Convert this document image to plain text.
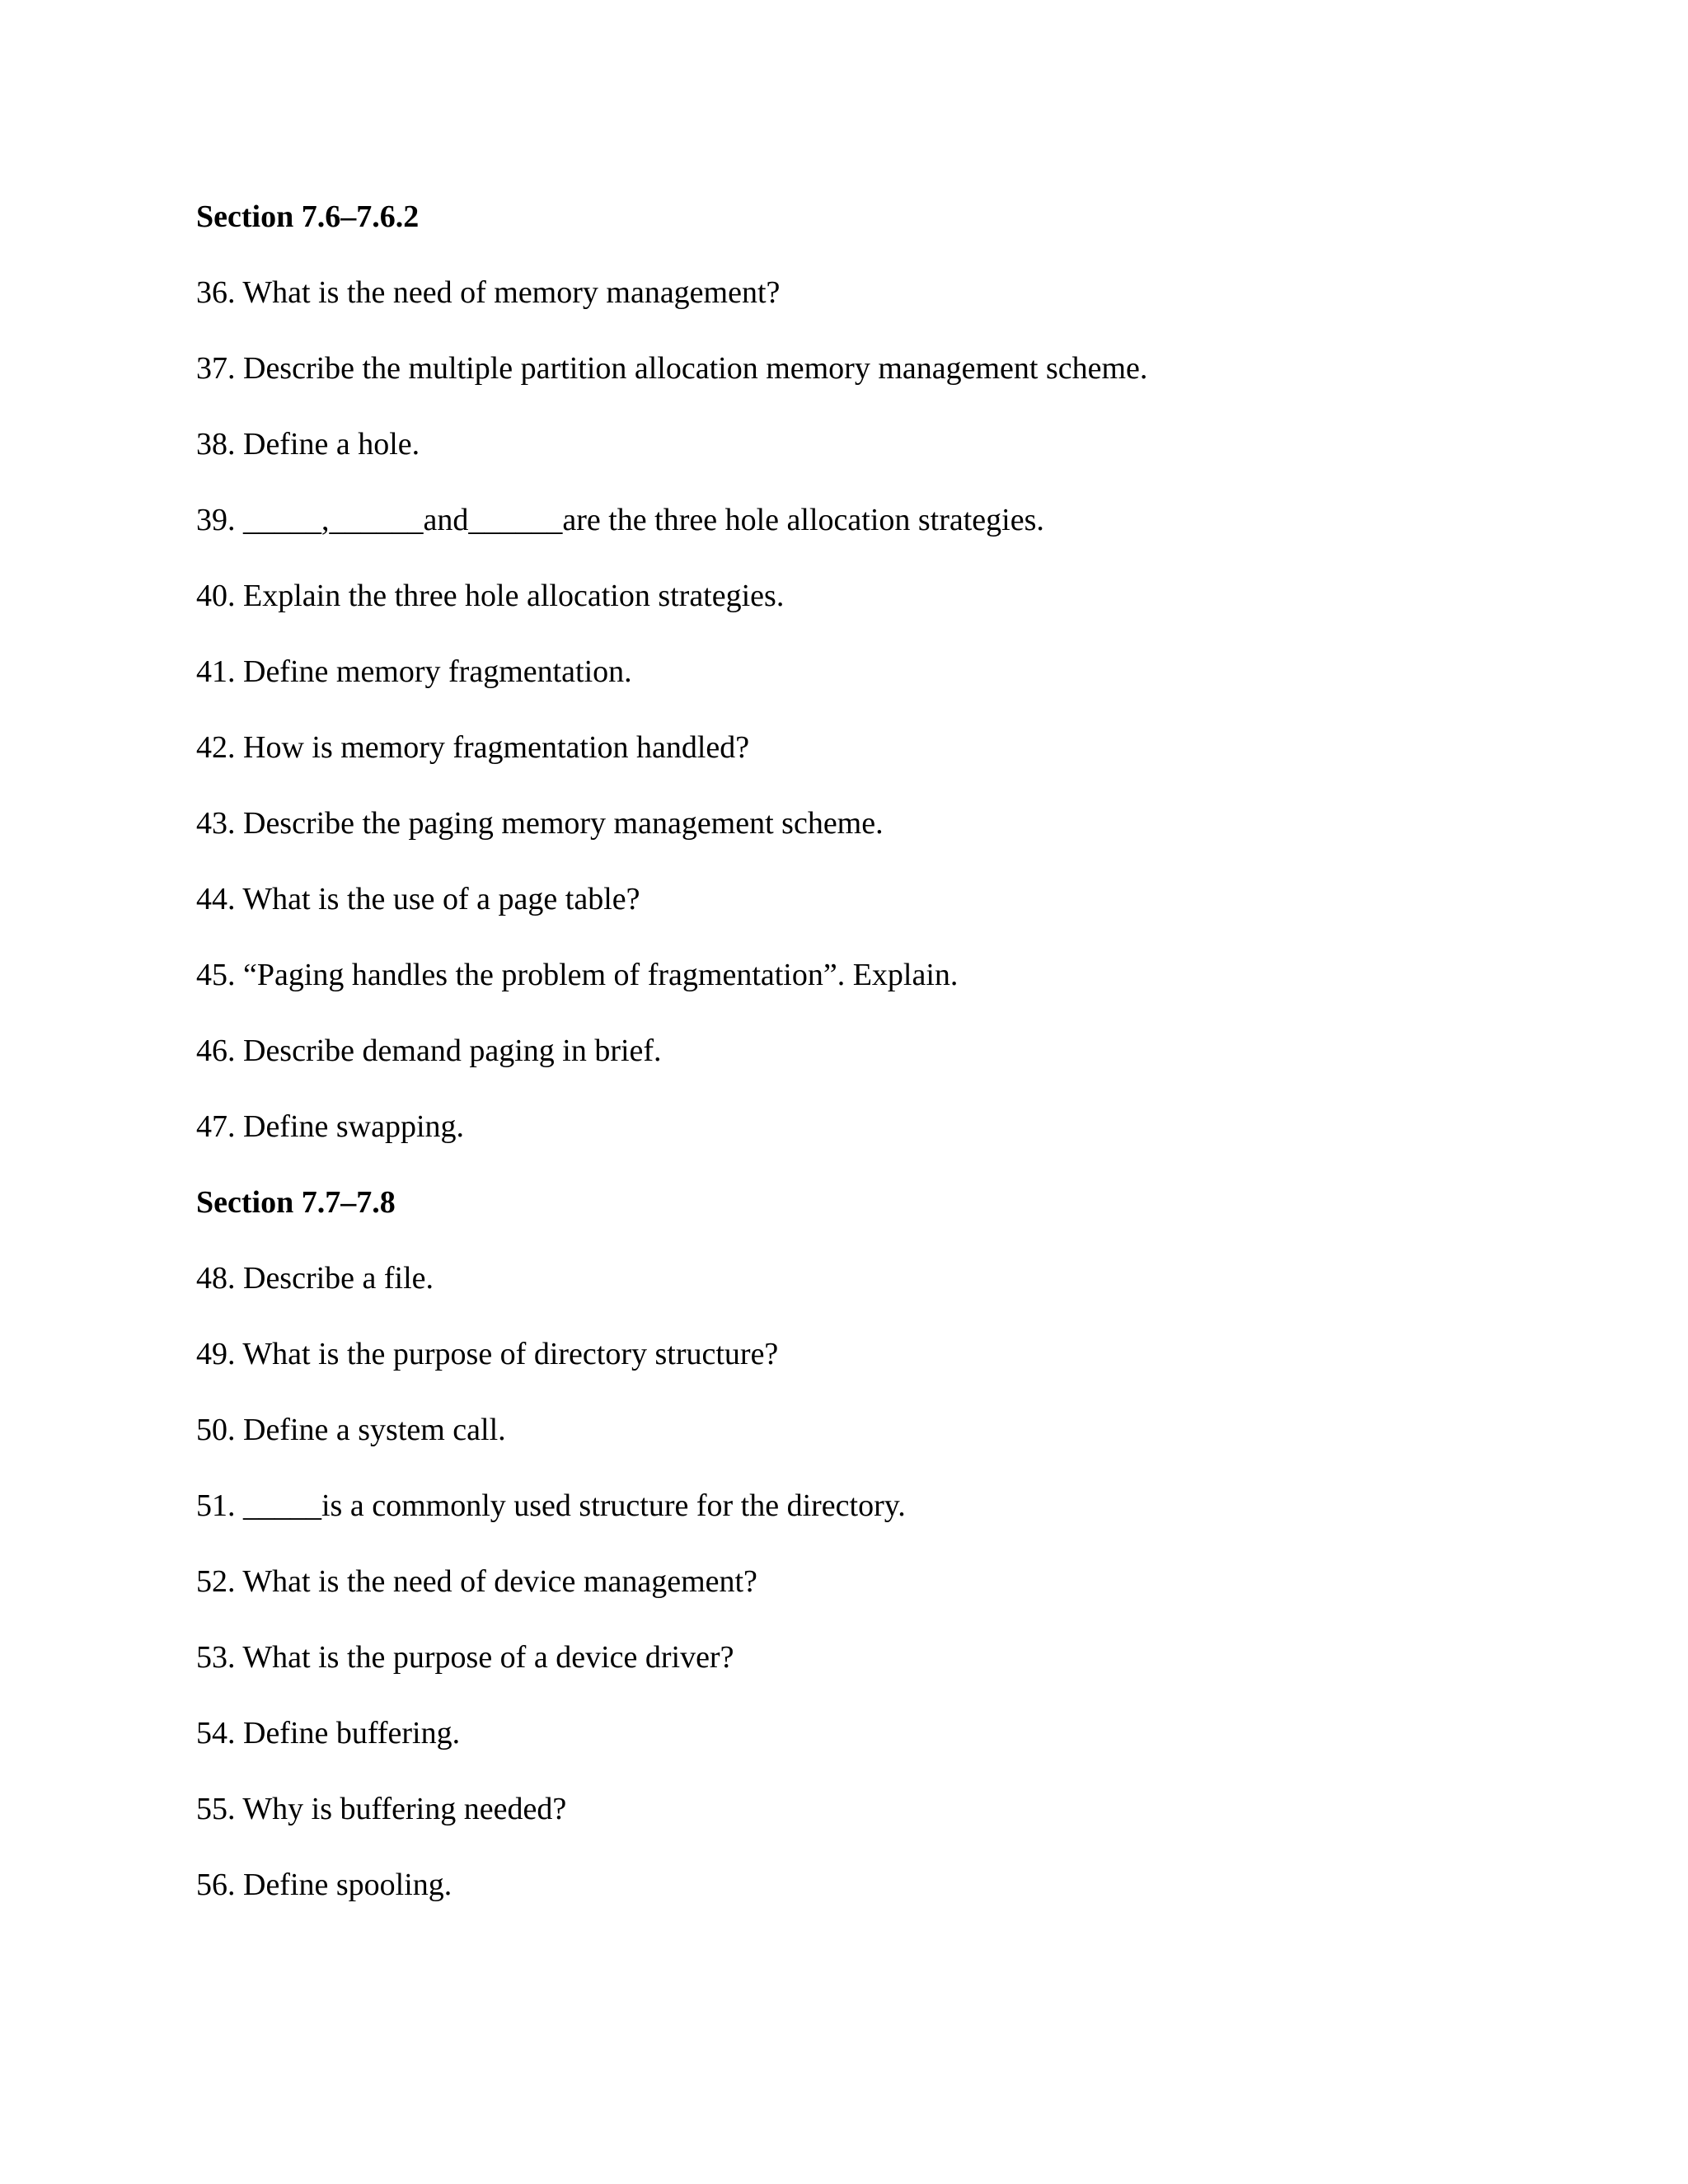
Section 7.6–7.6.2

36. What is the need of memory management?

37. Describe the multiple partition allocation memory management scheme.

38. Define a hole.

39. _____,______and______are the three hole allocation strategies.

40. Explain the three hole allocation strategies.

41. Define memory fragmentation.

42. How is memory fragmentation handled?

43. Describe the paging memory management scheme.

44. What is the use of a page table?

45. “Paging handles the problem of fragmentation”. Explain.

46. Describe demand paging in brief.

47. Define swapping.

Section 7.7–7.8

48. Describe a file.

49. What is the purpose of directory structure?

50. Define a system call.

51. _____is a commonly used structure for the directory.

52. What is the need of device management?

53. What is the purpose of a device driver?

54. Define buffering.

55. Why is buffering needed?

56. Define spooling.
